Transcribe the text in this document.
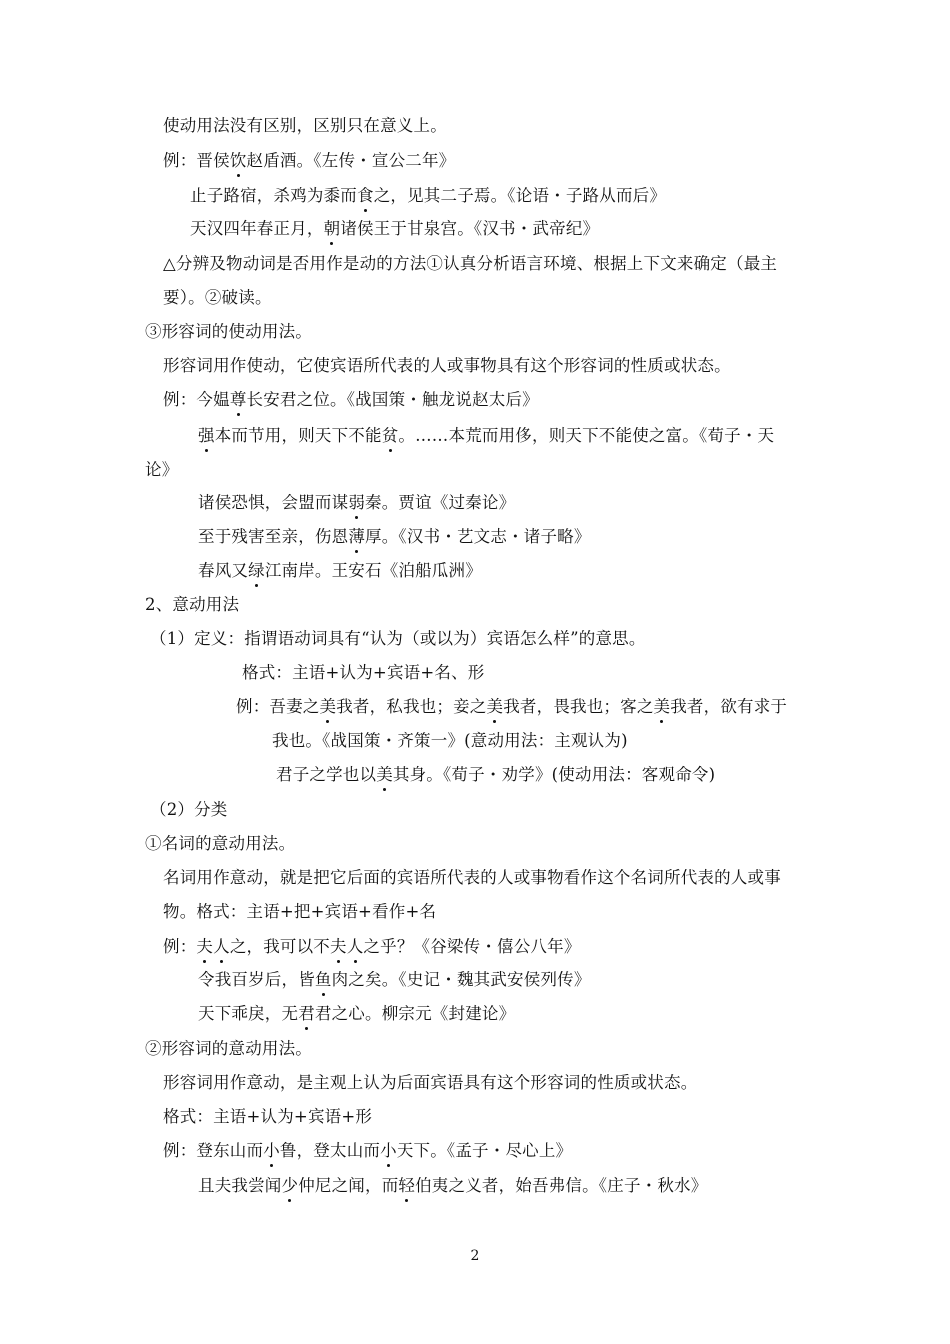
使动用法没有区别，区别只在意义上。
例：晋侯饮赵盾酒。《左传・宣公二年》
止子路宿，杀鸡为黍而食之，见其二子焉。《论语・子路从而后》
天汉四年春正月，朝诸侯王于甘泉宫。《汉书・武帝纪》
△分辨及物动词是否用作是动的方法①认真分析语言环境、根据上下文来确定（最主
要）。②破读。
③形容词的使动用法。
形容词用作使动，它使宾语所代表的人或事物具有这个形容词的性质或状态。
例：今媪尊长安君之位。《战国策・触龙说赵太后》
强本而节用，则天下不能贫。……本荒而用侈，则天下不能使之富。《荀子・天
论》
诸侯恐惧，会盟而谋弱秦。贾谊《过秦论》
至于残害至亲，伤恩薄厚。《汉书・艺文志・诸子略》
春风又绿江南岸。王安石《泊船瓜洲》
2、意动用法
（1）定义：指谓语动词具有“认为（或以为）宾语怎么样”的意思。
格式：主语+认为+宾语+名、形
例：吾妻之美我者，私我也；妾之美我者，畏我也；客之美我者，欲有求于
我也。《战国策・齐策一》(意动用法：主观认为)
君子之学也以美其身。《荀子・劝学》(使动用法：客观命令)
（2）分类
①名词的意动用法。
名词用作意动，就是把它后面的宾语所代表的人或事物看作这个名词所代表的人或事
物。格式：主语+把+宾语+看作+名
例：夫人之，我可以不夫人之乎？《谷梁传・僖公八年》
令我百岁后，皆鱼肉之矣。《史记・魏其武安侯列传》
天下乖戾，无君君之心。柳宗元《封建论》
②形容词的意动用法。
形容词用作意动，是主观上认为后面宾语具有这个形容词的性质或状态。
格式：主语+认为+宾语+形
例：登东山而小鲁，登太山而小天下。《孟子・尽心上》
且夫我尝闻少仲尼之闻，而轻伯夷之义者，始吾弗信。《庄子・秋水》
2
